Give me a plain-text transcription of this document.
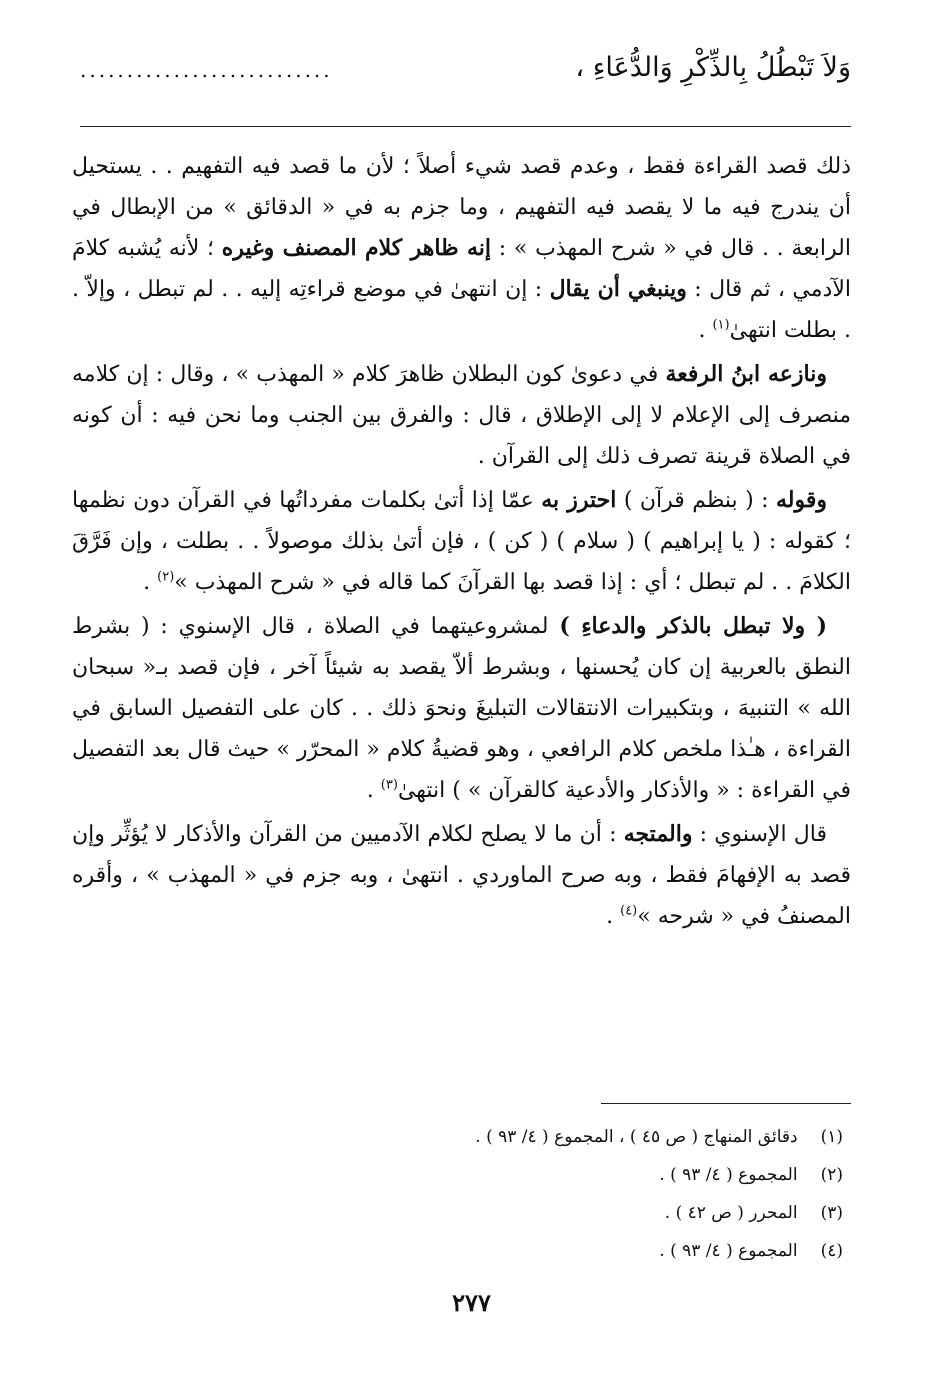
وَلاَ تَبْطُلُ بِالذِّكْرِ وَالدُّعَاءِ ،
...........................

ذلك قصد القراءة فقط ، وعدم قصد شيء أصلاً ؛ لأن ما قصد فيه التفهيم . . يستحيل أن يندرج فيه ما لا يقصد فيه التفهيم ، وما جزم به في « الدقائق » من الإبطال في الرابعة . . قال في « شرح المهذب » : إنه ظاهر كلام المصنف وغيره ؛ لأنه يُشبه كلامَ الآدمي ، ثم قال : وينبغي أن يقال : إن انتهىٰ في موضع قراءتِه إليه . . لم تبطل ، وإلاّ . . بطلت انتهىٰ$^{(١)}$ .

ونازعه ابنُ الرفعة في دعوىٰ كون البطلان ظاهرَ كلام « المهذب » ، وقال : إن كلامه منصرف إلى الإعلام لا إلى الإطلاق ، قال : والفرق بين الجنب وما نحن فيه : أن كونه في الصلاة قرينة تصرف ذلك إلى القرآن .

وقوله : ( بنظم قرآن ) احترز به عمّا إذا أتىٰ بكلمات مفرداتُها في القرآن دون نظمها ؛ كقوله : ( يا إبراهيم ) ( سلام ) ( كن ) ، فإن أتىٰ بذلك موصولاً . . بطلت ، وإن فَرَّقَ الكلامَ . . لم تبطل ؛ أي : إذا قصد بها القرآنَ كما قاله في « شرح المهذب »$^{(٢)}$ .

( ولا تبطل بالذكر والدعاءِ ) لمشروعيتهما في الصلاة ، قال الإسنوي : ( بشرط النطق بالعربية إن كان يُحسنها ، وبشرط ألاّ يقصد به شيئاً آخر ، فإن قصد بـ« سبحان الله » التنبيهَ ، وبتكبيرات الانتقالات التبليغَ ونحوَ ذلك . . كان على التفصيل السابق في القراءة ، هـٰذا ملخص كلام الرافعي ، وهو قضيةُ كلام « المحرّر » حيث قال بعد التفصيل في القراءة : « والأذكار والأدعية كالقرآن » ) انتهىٰ$^{(٣)}$ .

قال الإسنوي : والمتجه : أن ما لا يصلح لكلام الآدميين من القرآن والأذكار لا يُؤثِّر وإن قصد به الإفهامَ فقط ، وبه صرح الماوردي . انتهىٰ ، وبه جزم في « المهذب » ، وأقره المصنفُ في « شرحه »$^{(٤)}$ .

(١) دقائق المنهاج ( ص ٤٥ ) ، المجموع ( ٤/ ٩٣ ) .
(٢) المجموع ( ٤/ ٩٣ ) .
(٣) المحرر ( ص ٤٢ ) .
(٤) المجموع ( ٤/ ٩٣ ) .
٢٧٧
